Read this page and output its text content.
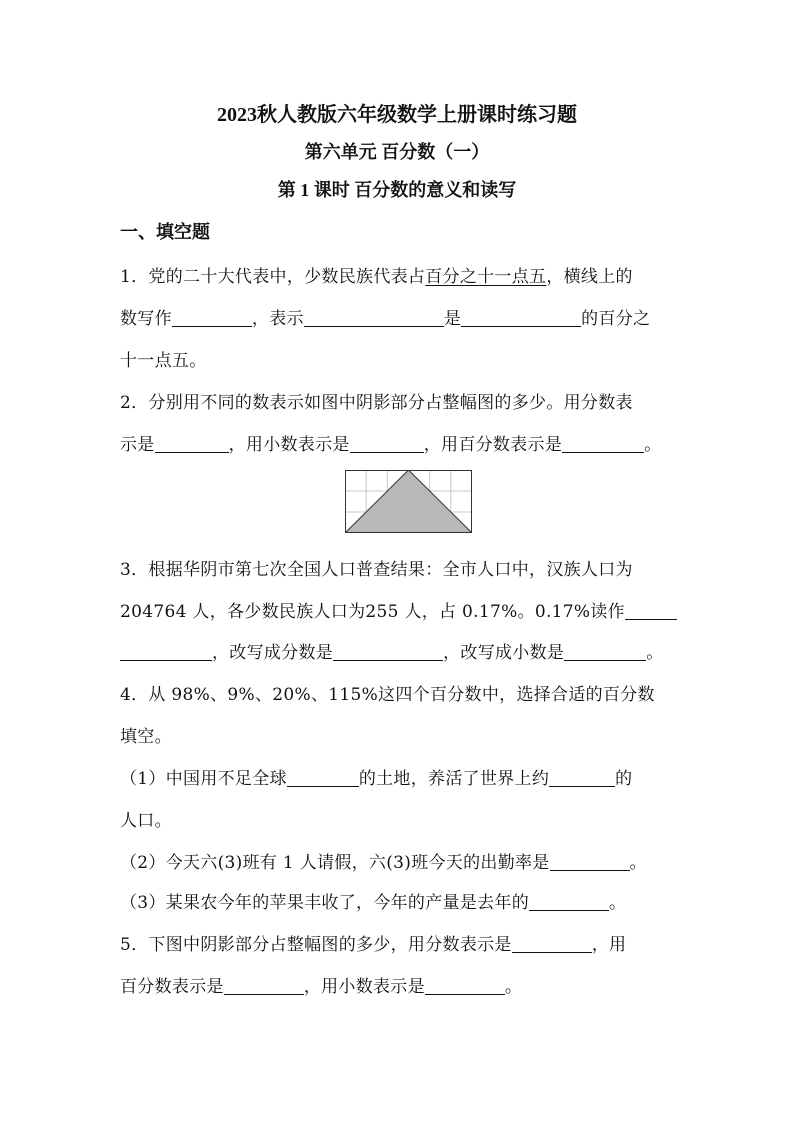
2023秋人教版六年级数学上册课时练习题
第六单元 百分数（一）
第 1 课时 百分数的意义和读写
一、填空题
1．党的二十大代表中，少数民族代表占百分之十一点五，横线上的
数写作	，表示	是	的百分之
十一点五。
2．分别用不同的数表示如图中阴影部分占整幅图的多少。用分数表
示是	，用小数表示是	，用百分数表示是	。
3．根据华阴市第七次全国人口普查结果：全市人口中，汉族人口为
204764 人，各少数民族人口为255 人，占 0.17%。0.17%读作
，改写成分数是	，改写成小数是	。
4．从 98%、9%、20%、115%这四个百分数中，选择合适的百分数
填空。
（1）中国用不足全球	的土地，养活了世界上约	的
人口。
（2）今天六(3)班有 1 人请假，六(3)班今天的出勤率是	。
（3）某果农今年的苹果丰收了，今年的产量是去年的	。
5．下图中阴影部分占整幅图的多少，用分数表示是	，用
百分数表示是	，用小数表示是	。
